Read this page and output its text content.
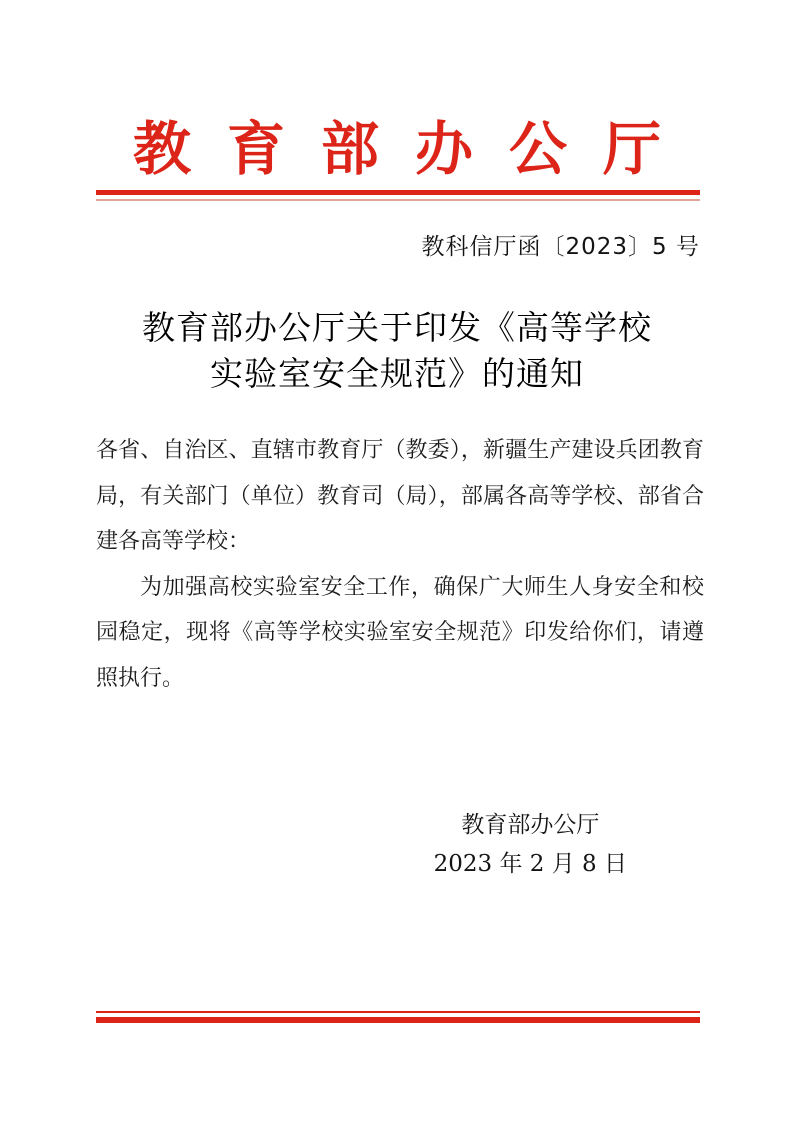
教育部办公厅
教科信厅函〔2023〕5 号
教育部办公厅关于印发《高等学校
实验室安全规范》的通知

各省、自治区、直辖市教育厅（教委），新疆生产建设兵团教育局，有关部门（单位）教育司（局），部属各高等学校、部省合建各高等学校：

为加强高校实验室安全工作，确保广大师生人身安全和校园稳定，现将《高等学校实验室安全规范》印发给你们，请遵照执行。

教育部办公厅
2023 年 2 月 8 日
